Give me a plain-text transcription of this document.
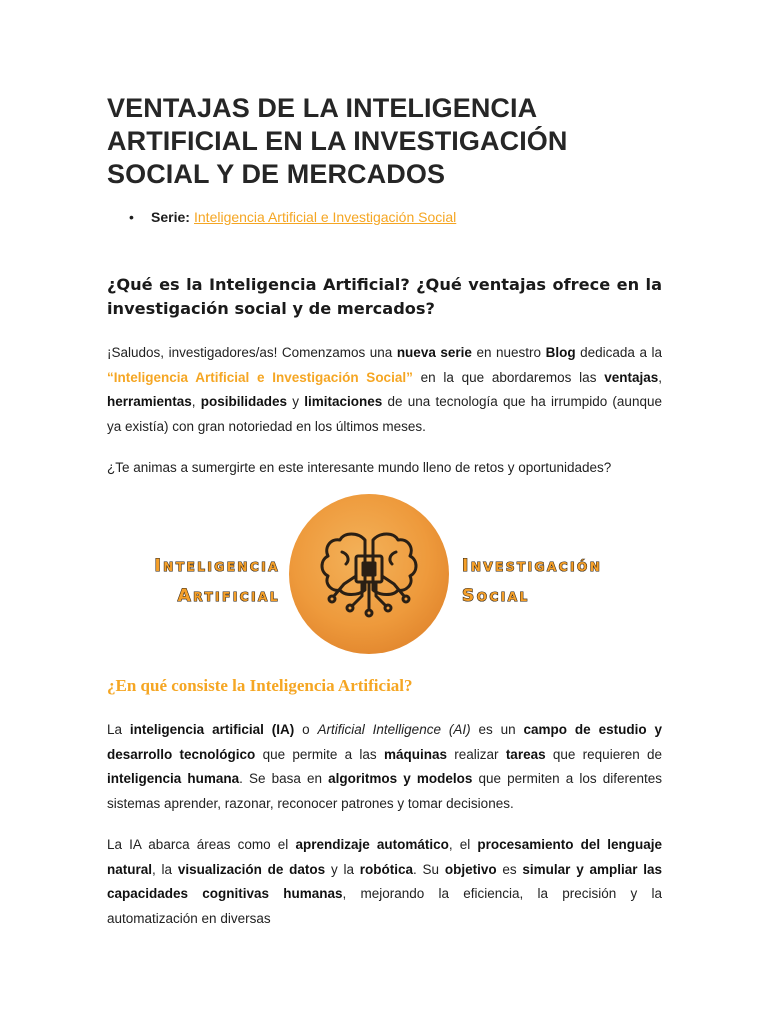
VENTAJAS DE LA INTELIGENCIA ARTIFICIAL EN LA INVESTIGACIÓN SOCIAL Y DE MERCADOS
• Serie: Inteligencia Artificial e Investigación Social
¿Qué es la Inteligencia Artificial? ¿Qué ventajas ofrece en la investigación social y de mercados?

¡Saludos, investigadores/as! Comenzamos una nueva serie en nuestro Blog dedicada a la “Inteligencia Artificial e Investigación Social” en la que abordaremos las ventajas, herramientas, posibilidades y limitaciones de una tecnología que ha irrumpido (aunque ya existía) con gran notoriedad en los últimos meses.

¿Te animas a sumergirte en este interesante mundo lleno de retos y oportunidades?

Inteligencia
Artificial
Investigación
Social
¿En qué consiste la Inteligencia Artificial?

La inteligencia artificial (IA) o Artificial Intelligence (AI) es un campo de estudio y desarrollo tecnológico que permite a las máquinas realizar tareas que requieren de inteligencia humana. Se basa en algoritmos y modelos que permiten a los diferentes sistemas aprender, razonar, reconocer patrones y tomar decisiones.

La IA abarca áreas como el aprendizaje automático, el procesamiento del lenguaje natural, la visualización de datos y la robótica. Su objetivo es simular y ampliar las capacidades cognitivas humanas, mejorando la eficiencia, la precisión y la automatización en diversas
